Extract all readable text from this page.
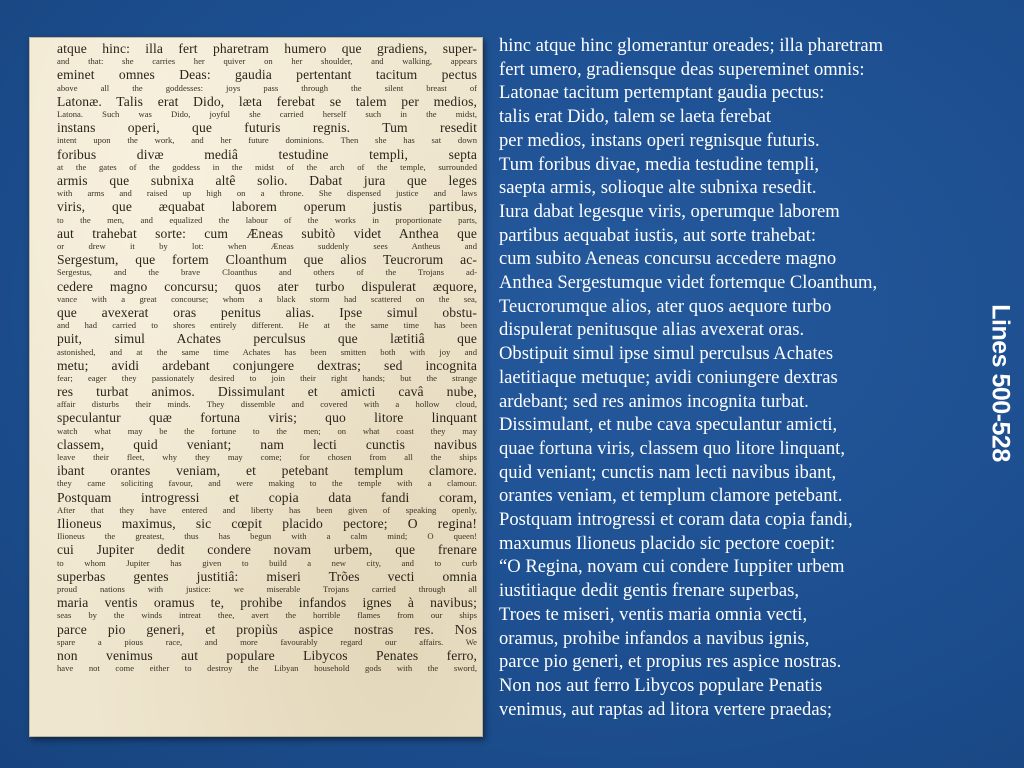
atque hinc: illa fert pharetram humero que gradiens, super-
and that: she carries her quiver on her shoulder, and walking, appears
eminet omnes Deas: gaudia pertentant tacitum pectus
above all the goddesses: joys pass through the silent breast of
Latonæ. Talis erat Dido, læta ferebat se talem per medios,
Latona. Such was Dido, joyful she carried herself such in the midst,
instans operi, que futuris regnis. Tum resedit
intent upon the work, and her future dominions. Then she has sat down
foribus divæ mediâ testudine templi, septa
at the gates of the goddess in the midst of the arch of the temple, surrounded
armis que subnixa altê solio. Dabat jura que leges
with arms and raised up high on a throne. She dispensed justice and laws
viris, que æquabat laborem operum justis partibus,
to the men, and equalized the labour of the works in proportionate parts,
aut trahebat sorte: cum Æneas subitò videt Anthea que
or drew it by lot: when Æneas suddenly sees Antheus and
Sergestum, que fortem Cloanthum que alios Teucrorum ac-
Sergestus, and the brave Cloanthus and others of the Trojans ad-
cedere magno concursu; quos ater turbo dispulerat æquore,
vance with a great concourse; whom a black storm had scattered on the sea,
que avexerat oras penitus alias. Ipse simul obstu-
and had carried to shores entirely different. He at the same time has been
puit, simul Achates perculsus que lætitiâ que
astonished, and at the same time Achates has been smitten both with joy and
metu; avidi ardebant conjungere dextras; sed incognita
fear; eager they passionately desired to join their right hands; but the strange
res turbat animos. Dissimulant et amicti cavâ nube,
affair disturbs their minds. They dissemble and covered with a hollow cloud,
speculantur quæ fortuna viris; quo litore linquant
watch what may be the fortune to the men; on what coast they may
classem, quid veniant; nam lecti cunctis navibus
leave their fleet, why they may come; for chosen from all the ships
ibant orantes veniam, et petebant templum clamore.
they came soliciting favour, and were making to the temple with a clamour.
Postquam introgressi et copia data fandi coram,
After that they have entered and liberty has been given of speaking openly,
Ilioneus maximus, sic cœpit placido pectore; O regina!
Ilioneus the greatest, thus has begun with a calm mind; O queen!
cui Jupiter dedit condere novam urbem, que frenare
to whom Jupiter has given to build a new city, and to curb
superbas gentes justitiâ: miseri Trões vecti omnia
proud nations with justice: we miserable Trojans carried through all
maria ventis oramus te, prohibe infandos ignes à navibus;
seas by the winds intreat thee, avert the horrible flames from our ships
parce pio generi, et propiùs aspice nostras res. Nos
spare a pious race, and more favourably regard our affairs. We
non venimus aut populare Libycos Penates ferro,
have not come either to destroy the Libyan household gods with the sword,
hinc atque hinc glomerantur oreades; illa pharetram
fert umero, gradiensque deas supereminet omnis:
Latonae tacitum pertemptant gaudia pectus:
talis erat Dido, talem se laeta ferebat
per medios, instans operi regnisque futuris.
Tum foribus divae, media testudine templi,
saepta armis, solioque alte subnixa resedit.
Iura dabat legesque viris, operumque laborem
partibus aequabat iustis, aut sorte trahebat:
cum subito Aeneas concursu accedere magno
Anthea Sergestumque videt fortemque Cloanthum,
Teucrorumque alios, ater quos aequore turbo
dispulerat penitusque alias avexerat oras.
Obstipuit simul ipse simul perculsus Achates
laetitiaque metuque; avidi coniungere dextras
ardebant; sed res animos incognita turbat.
Dissimulant, et nube cava speculantur amicti,
quae fortuna viris, classem quo litore linquant,
quid veniant; cunctis nam lecti navibus ibant,
orantes veniam, et templum clamore petebant.
Postquam introgressi et coram data copia fandi,
maxumus Ilioneus placido sic pectore coepit:
“O Regina, novam cui condere Iuppiter urbem
iustitiaque dedit gentis frenare superbas,
Troes te miseri, ventis maria omnia vecti,
oramus, prohibe infandos a navibus ignis,
parce pio generi, et propius res aspice nostras.
Non nos aut ferro Libycos populare Penatis
venimus, aut raptas ad litora vertere praedas;
Lines 500-528
